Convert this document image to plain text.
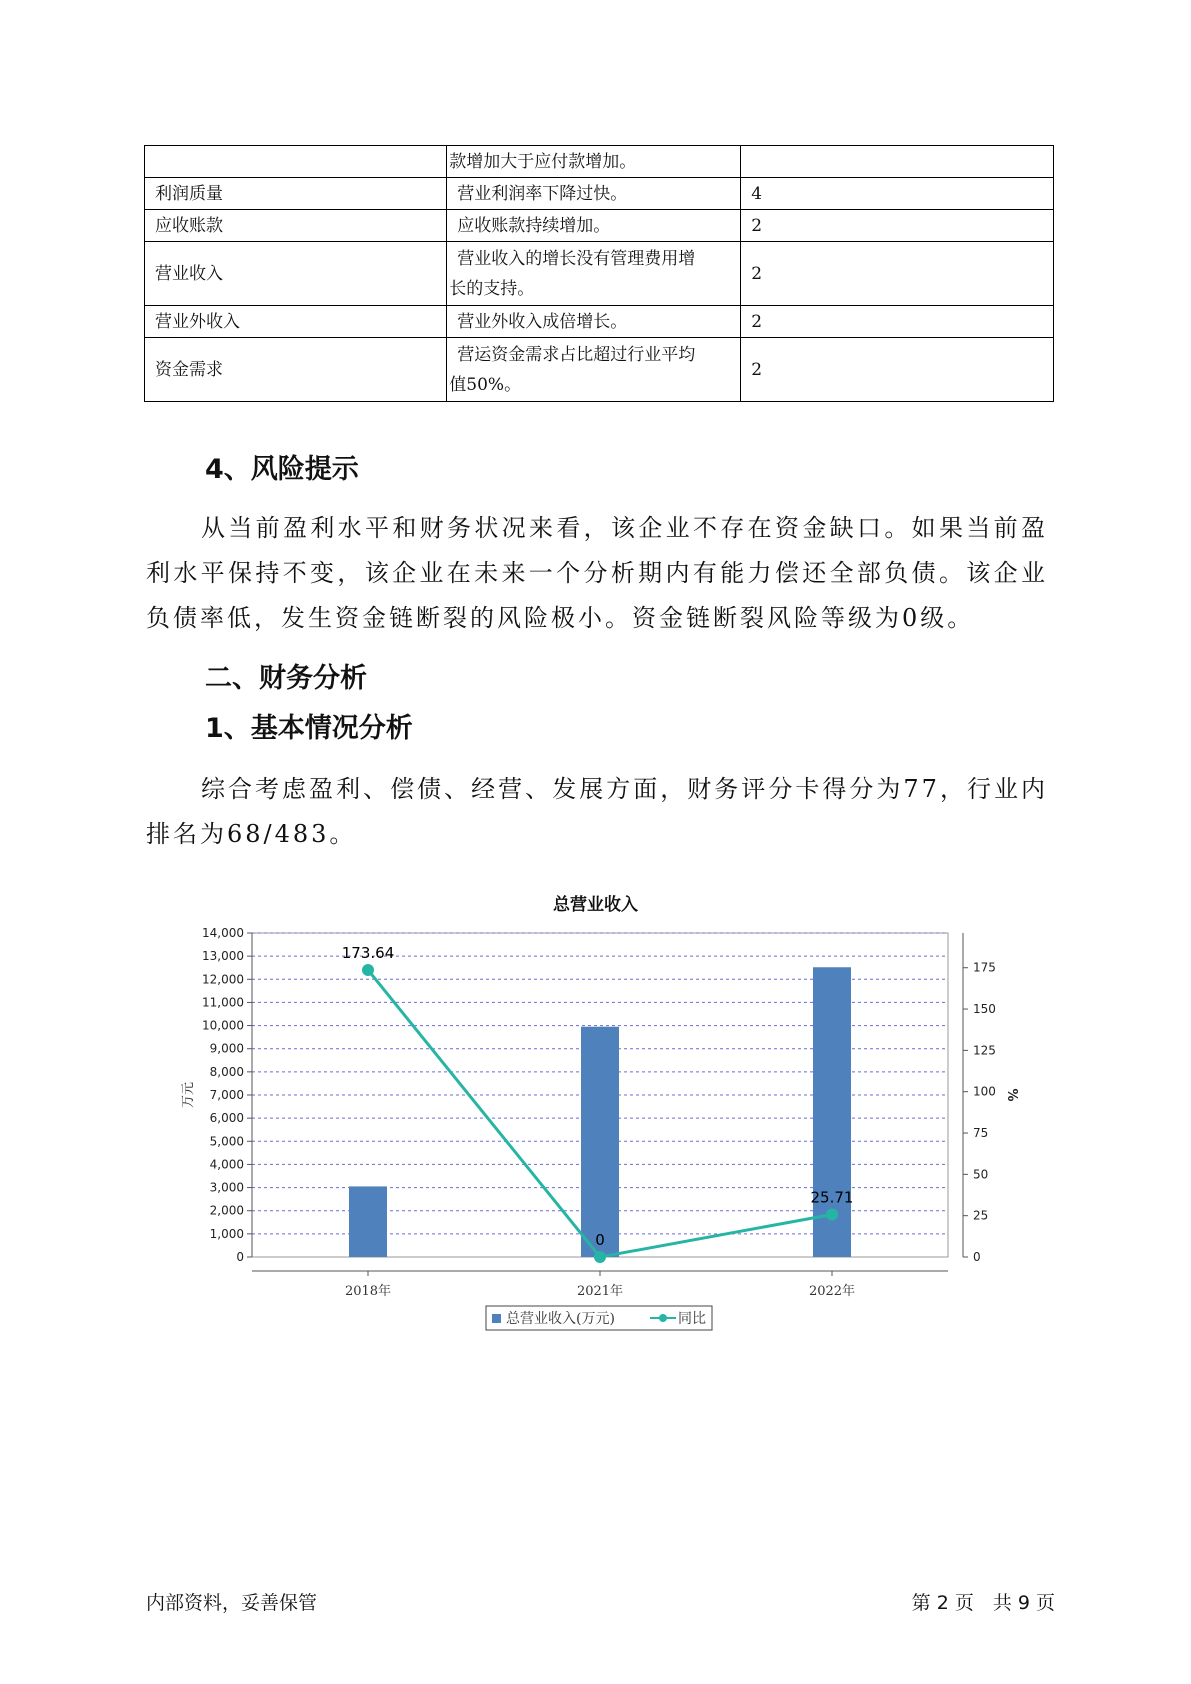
	款增加大于应付款增加。	

利润质量	营业利润率下降过快。	4
应收账款	应收账款持续增加。	2
营业收入	营业收入的增长没有管理费用增
长的支持。	2
营业外收入	营业外收入成倍增长。	2
资金需求	营运资金需求占比超过行业平均
值50%。	2
4、风险提示

从当前盈利水平和财务状况来看，该企业不存在资金缺口。如果当前盈利水平保持不变，该企业在未来一个分析期内有能力偿还全部负债。该企业负债率低，发生资金链断裂的风险极小。资金链断裂风险等级为0级。

二、财务分析
1、基本情况分析

综合考虑盈利、偿债、经营、发展方面，财务评分卡得分为77，行业内排名为68/483。

总营业收入
0
1,000
2,000
3,000
4,000
5,000
6,000
7,000
8,000
9,000
10,000
11,000
12,000
13,000
14,000
万元
0
25
50
75
100
125
150
175
%
2018年	2021年	2022年
173.64
0
25.71
总营业收入(万元)	同比
内部资料，妥善保管	第 2 页　共 9 页
